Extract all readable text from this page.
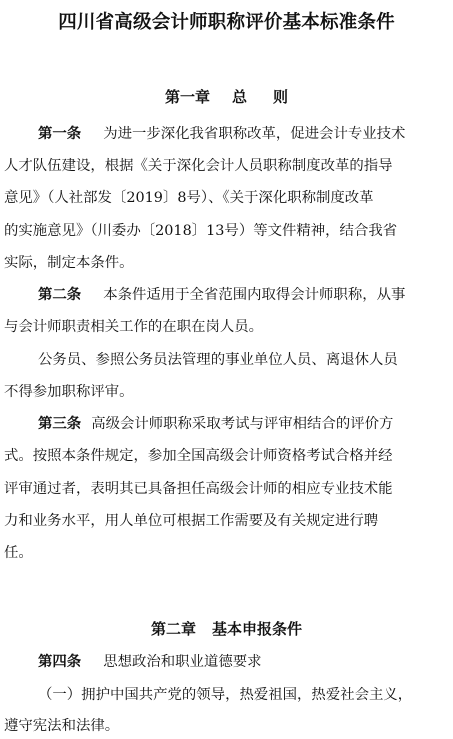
四川省高级会计师职称评价基本标准条件
第一章 总 则
第一条 为进一步深化我省职称改革，促进会计专业技术
人才队伍建设，根据《关于深化会计人员职称制度改革的指导
意见》（人社部发〔2019〕8号）、《关于深化职称制度改革
的实施意见》（川委办〔2018〕13号）等文件精神，结合我省
实际，制定本条件。
第二条 本条件适用于全省范围内取得会计师职称，从事
与会计师职责相关工作的在职在岗人员。
公务员、参照公务员法管理的事业单位人员、离退休人员
不得参加职称评审。
第三条 高级会计师职称采取考试与评审相结合的评价方
式。按照本条件规定，参加全国高级会计师资格考试合格并经
评审通过者，表明其已具备担任高级会计师的相应专业技术能
力和业务水平，用人单位可根据工作需要及有关规定进行聘
任。
第二章 基本申报条件
第四条 思想政治和职业道德要求
（一）拥护中国共产党的领导，热爱祖国，热爱社会主义，
遵守宪法和法律。
